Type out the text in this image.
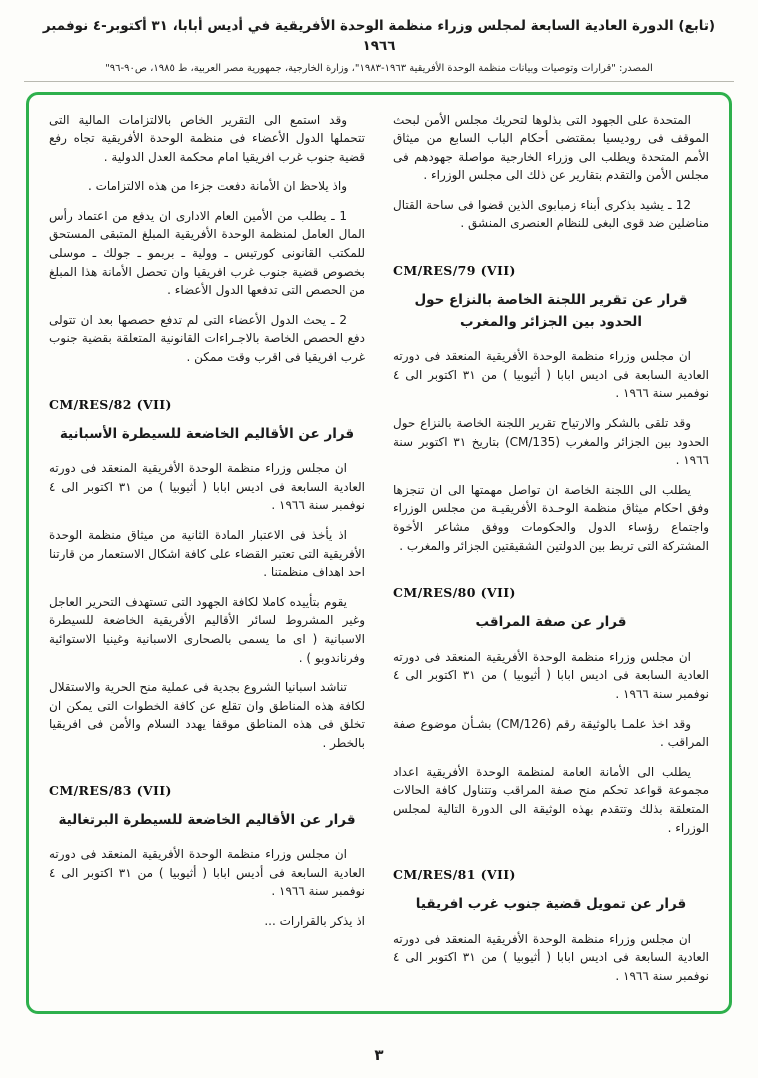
(تابع) الدورة العادية السابعة لمجلس وزراء منظمة الوحدة الأفريقية في أديس أبابا، ٣١ أكتوبر-٤ نوفمبر ١٩٦٦
المصدر: "قرارات وتوصيات وبيانات منظمة الوحدة الأفريقية ١٩٦٣-١٩٨٣"، وزارة الخارجية، جمهورية مصر العربية، ط ١٩٨٥، ص٩٠-٩٦"

المتحدة على الجهود التى بذلوها لتحريك مجلس الأمن لبحث الموقف فى روديسيا بمقتضى أحكام الباب السابع من ميثاق الأمم المتحدة ويطلب الى وزراء الخارجية مواصلة جهودهم فى مجلس الأمن والتقدم بتقارير عن ذلك الى مجلس الوزراء .

12 ـ يشيد بذكرى أبناء زمبابوى الذين قضوا فى ساحة القتال مناضلين ضد قوى البغى للنظام العنصرى المنشق .

CM/RES/79 (VII)
قرار عن تقرير اللجنة الخاصة بالنزاع حول الحدود بين الجزائر والمغرب

ان مجلس وزراء منظمة الوحدة الأفريقية المنعقد فى دورته العادية السابعة فى اديس ابابا ( أثيوبيا ) من ٣١ اكتوبر الى ٤ نوفمبر سنة ١٩٦٦ .

وقد تلقى بالشكر والارتياح تقرير اللجنة الخاصة بالنزاع حول الحدود بين الجزائر والمغرب (CM/135) بتاريخ ٣١ اكتوبر سنة ١٩٦٦ .

يطلب الى اللجنة الخاصة ان تواصل مهمتها الى ان تنجزها وفق احكام ميثاق منظمة الوحـدة الأفريقيـة من مجلس الوزراء واجتماع رؤساء الدول والحكومات ووفق مشاعر الأخوة المشتركة التى تربط بين الدولتين الشقيقتين الجزائر والمغرب .

CM/RES/80 (VII)
قرار عن صفة المراقب

ان مجلس وزراء منظمة الوحدة الأفريقية المنعقد فى دورته العادية السابعة فى اديس ابابا ( أثيوبيا ) من ٣١ اكتوبر الى ٤ نوفمبر سنة ١٩٦٦ .

وقد اخذ علمـا بالوثيقة رقم (CM/126) بشـأن موضوع صفة المراقب .

يطلب الى الأمانة العامة لمنظمة الوحدة الأفريقية اعداد مجموعة قواعد تحكم منح صفة المراقب وتتناول كافة الحالات المتعلقة بذلك وتتقدم بهذه الوثيقة الى الدورة التالية لمجلس الوزراء .

CM/RES/81 (VII)
قرار عن تمويل قضية جنوب غرب افريقيا

ان مجلس وزراء منظمة الوحدة الأفريقية المنعقد فى دورته العادية السابعة فى اديس ابابا ( أثيوبيا ) من ٣١ اكتوبر الى ٤ نوفمبر سنة ١٩٦٦ .

وقد استمع الى التقرير الخاص بالالتزامات المالية التى تتحملها الدول الأعضاء فى منظمة الوحدة الأفريقية تجاه رفع قضية جنوب غرب افريقيا امام محكمة العدل الدولية .

واذ يلاحظ ان الأمانة دفعت جزءا من هذه الالتزامات .

1 ـ يطلب من الأمين العام الادارى ان يدفع من اعتماد رأس المال العامل لمنظمة الوحدة الأفريقية المبلغ المتبقى المستحق للمكتب القانونى كورتيس ـ وولية ـ بربمو ـ جولك ـ موسلى بخصوص قضية جنوب غرب افريقيا وان تحصل الأمانة هذا المبلغ من الحصص التى تدفعها الدول الأعضاء .

2 ـ يحث الدول الأعضاء التى لم تدفع حصصها بعد ان تتولى دفع الحصص الخاصة بالاجـراءات القانونية المتعلقة بقضية جنوب غرب افريقيا فى اقرب وقت ممكن .

CM/RES/82 (VII)
قرار عن الأقاليم الخاضعة للسيطرة الأسبانية

ان مجلس وزراء منظمة الوحدة الأفريقية المنعقد فى دورته العادية السابعة فى اديس ابابا ( أثيوبيا ) من ٣١ اكتوبر الى ٤ نوفمبر سنة ١٩٦٦ .

اذ يأخذ فى الاعتبار المادة الثانية من ميثاق منظمة الوحدة الأفريقية التى تعتبر القضاء على كافة اشكال الاستعمار من قارتنا احد اهداف منظمتنا .

يقوم بتأييده كاملا لكافة الجهود التى تستهدف التحرير العاجل وغير المشروط لسائر الأقاليم الأفريقية الخاضعة للسيطرة الاسبانية ( اى ما يسمى بالصحارى الاسبانية وغينيا الاستوائية وفرناندوبو ) .

تناشد اسبانيا الشروع بجدية فى عملية منح الحرية والاستقلال لكافة هذه المناطق وان تقلع عن كافة الخطوات التى يمكن ان تخلق فى هذه المناطق موقفا يهدد السلام والأمن فى افريقيا بالخطر .

CM/RES/83 (VII)
قرار عن الأقاليم الخاضعة للسيطرة البرتغالية

ان مجلس وزراء منظمة الوحدة الأفريقية المنعقد فى دورته العادية السابعة فى أديس ابابا ( أثيوبيا ) من ٣١ اكتوبر الى ٤ نوفمبر سنة ١٩٦٦ .

اذ يذكر بالقرارات ...

٣
